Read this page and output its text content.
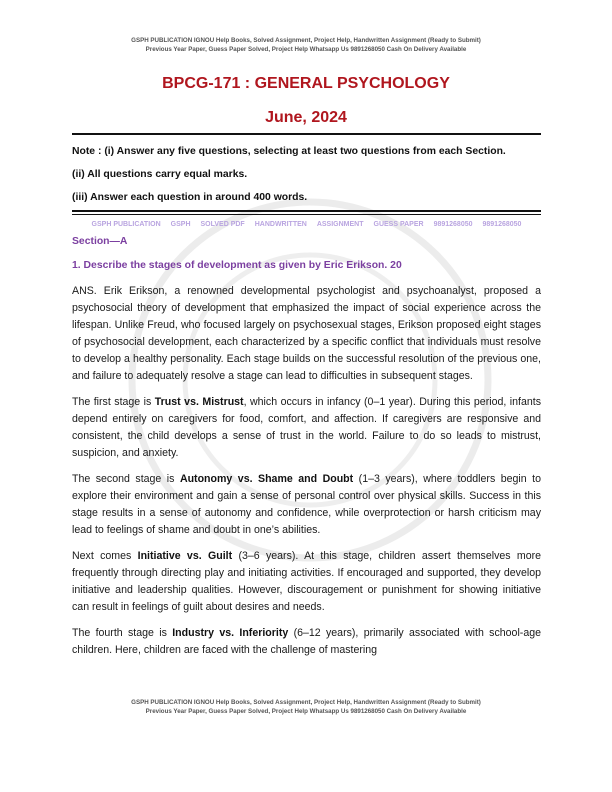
GSPH PUBLICATION IGNOU Help Books, Solved Assignment, Project Help, Handwritten Assignment (Ready to Submit)
Previous Year Paper, Guess Paper Solved, Project Help Whatsapp Us 9891268050 Cash On Delivery Available
BPCG-171 : GENERAL PSYCHOLOGY
June, 2024
Note : (i) Answer any five questions, selecting at least two questions from each Section.
(ii) All questions carry equal marks.
(iii) Answer each question in around 400 words.
GSPH PUBLICATION GSPH SOLVED PDF HANDWRITTEN ASSIGNMENT GUESS PAPER 9891268050 9891268050
Section—A
1. Describe the stages of development as given by Eric Erikson. 20
ANS. Erik Erikson, a renowned developmental psychologist and psychoanalyst, proposed a psychosocial theory of development that emphasized the impact of social experience across the lifespan. Unlike Freud, who focused largely on psychosexual stages, Erikson proposed eight stages of psychosocial development, each characterized by a specific conflict that individuals must resolve to develop a healthy personality. Each stage builds on the successful resolution of the previous one, and failure to adequately resolve a stage can lead to difficulties in subsequent stages.
The first stage is Trust vs. Mistrust, which occurs in infancy (0–1 year). During this period, infants depend entirely on caregivers for food, comfort, and affection. If caregivers are responsive and consistent, the child develops a sense of trust in the world. Failure to do so leads to mistrust, suspicion, and anxiety.
The second stage is Autonomy vs. Shame and Doubt (1–3 years), where toddlers begin to explore their environment and gain a sense of personal control over physical skills. Success in this stage results in a sense of autonomy and confidence, while overprotection or harsh criticism may lead to feelings of shame and doubt in one’s abilities.
Next comes Initiative vs. Guilt (3–6 years). At this stage, children assert themselves more frequently through directing play and initiating activities. If encouraged and supported, they develop initiative and leadership qualities. However, discouragement or punishment for showing initiative can result in feelings of guilt about desires and needs.
The fourth stage is Industry vs. Inferiority (6–12 years), primarily associated with school-age children. Here, children are faced with the challenge of mastering
GSPH PUBLICATION IGNOU Help Books, Solved Assignment, Project Help, Handwritten Assignment (Ready to Submit)
Previous Year Paper, Guess Paper Solved, Project Help Whatsapp Us 9891268050 Cash On Delivery Available
